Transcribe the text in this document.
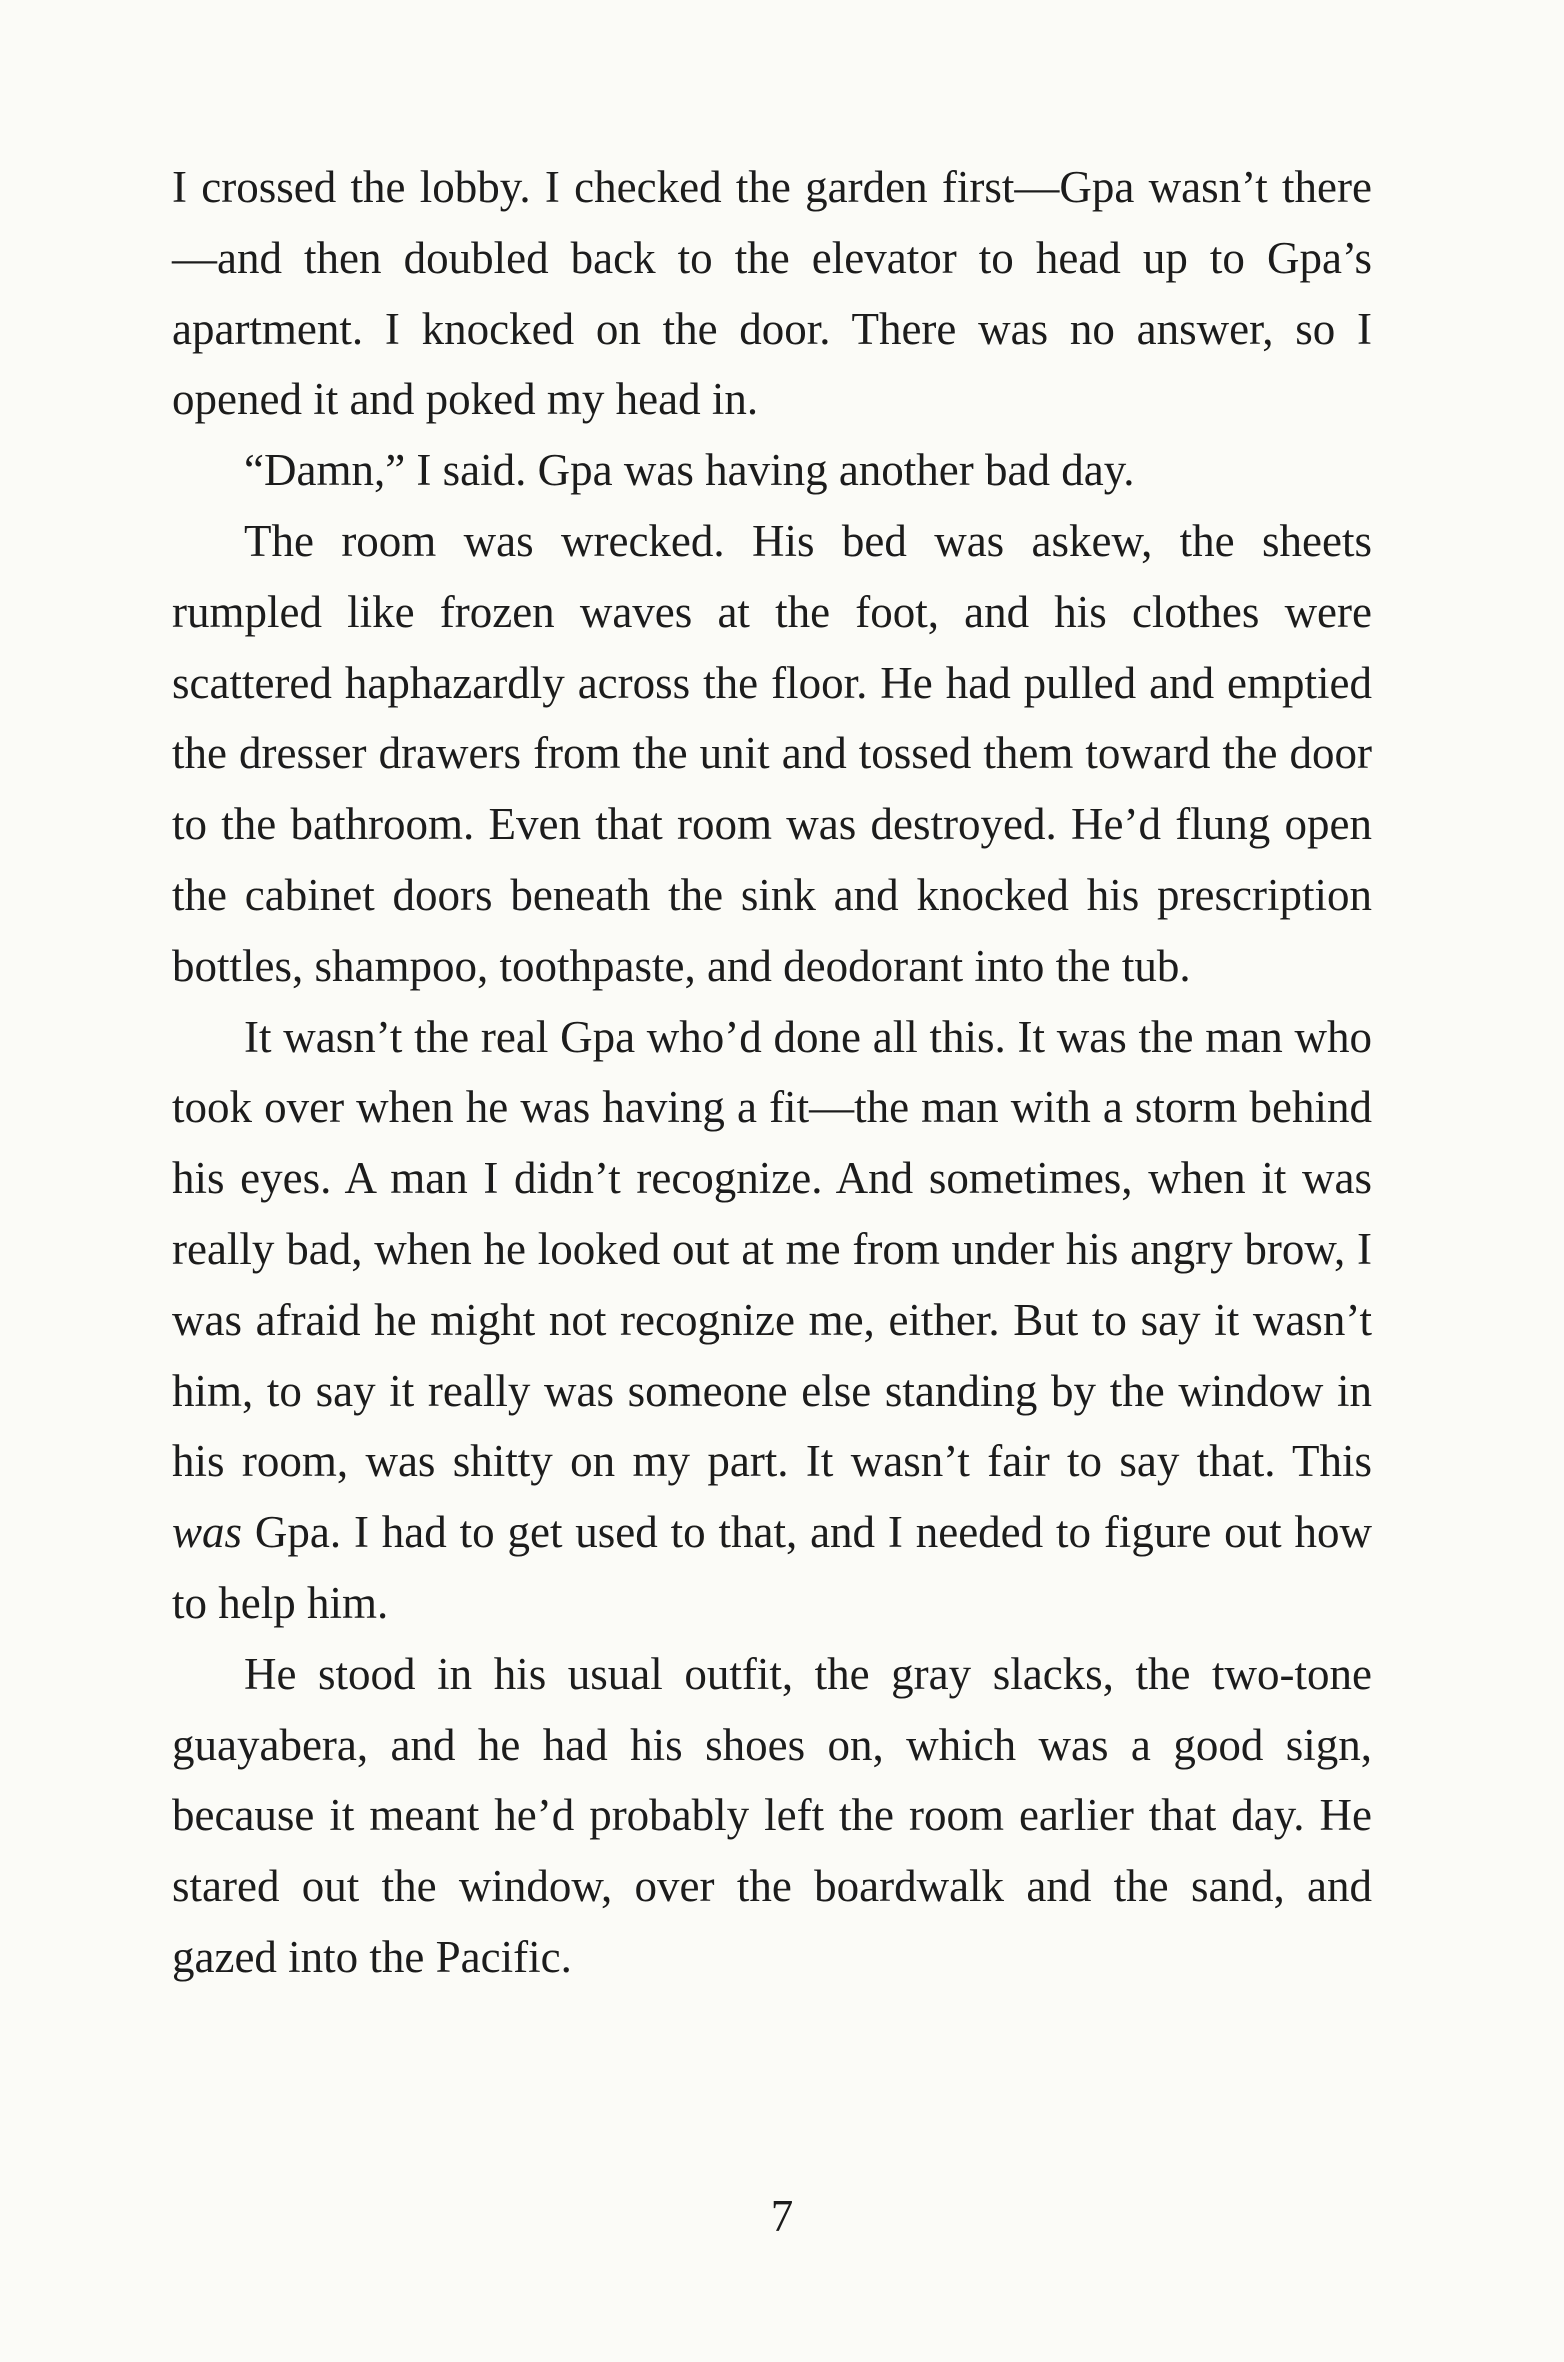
I crossed the lobby. I checked the garden first—Gpa wasn’t there—and then doubled back to the elevator to head up to Gpa’s apartment. I knocked on the door. There was no answer, so I opened it and poked my head in.

“Damn,” I said. Gpa was having another bad day.

The room was wrecked. His bed was askew, the sheets rumpled like frozen waves at the foot, and his clothes were scattered haphazardly across the floor. He had pulled and emptied the dresser drawers from the unit and tossed them toward the door to the bathroom. Even that room was destroyed. He’d flung open the cabinet doors beneath the sink and knocked his prescription bottles, shampoo, toothpaste, and deodorant into the tub.

It wasn’t the real Gpa who’d done all this. It was the man who took over when he was having a fit—the man with a storm behind his eyes. A man I didn’t recognize. And sometimes, when it was really bad, when he looked out at me from under his angry brow, I was afraid he might not recognize me, either. But to say it wasn’t him, to say it really was someone else standing by the window in his room, was shitty on my part. It wasn’t fair to say that. This was Gpa. I had to get used to that, and I needed to figure out how to help him.

He stood in his usual outfit, the gray slacks, the two-tone guayabera, and he had his shoes on, which was a good sign, because it meant he’d probably left the room earlier that day. He stared out the window, over the boardwalk and the sand, and gazed into the Pacific.

7
